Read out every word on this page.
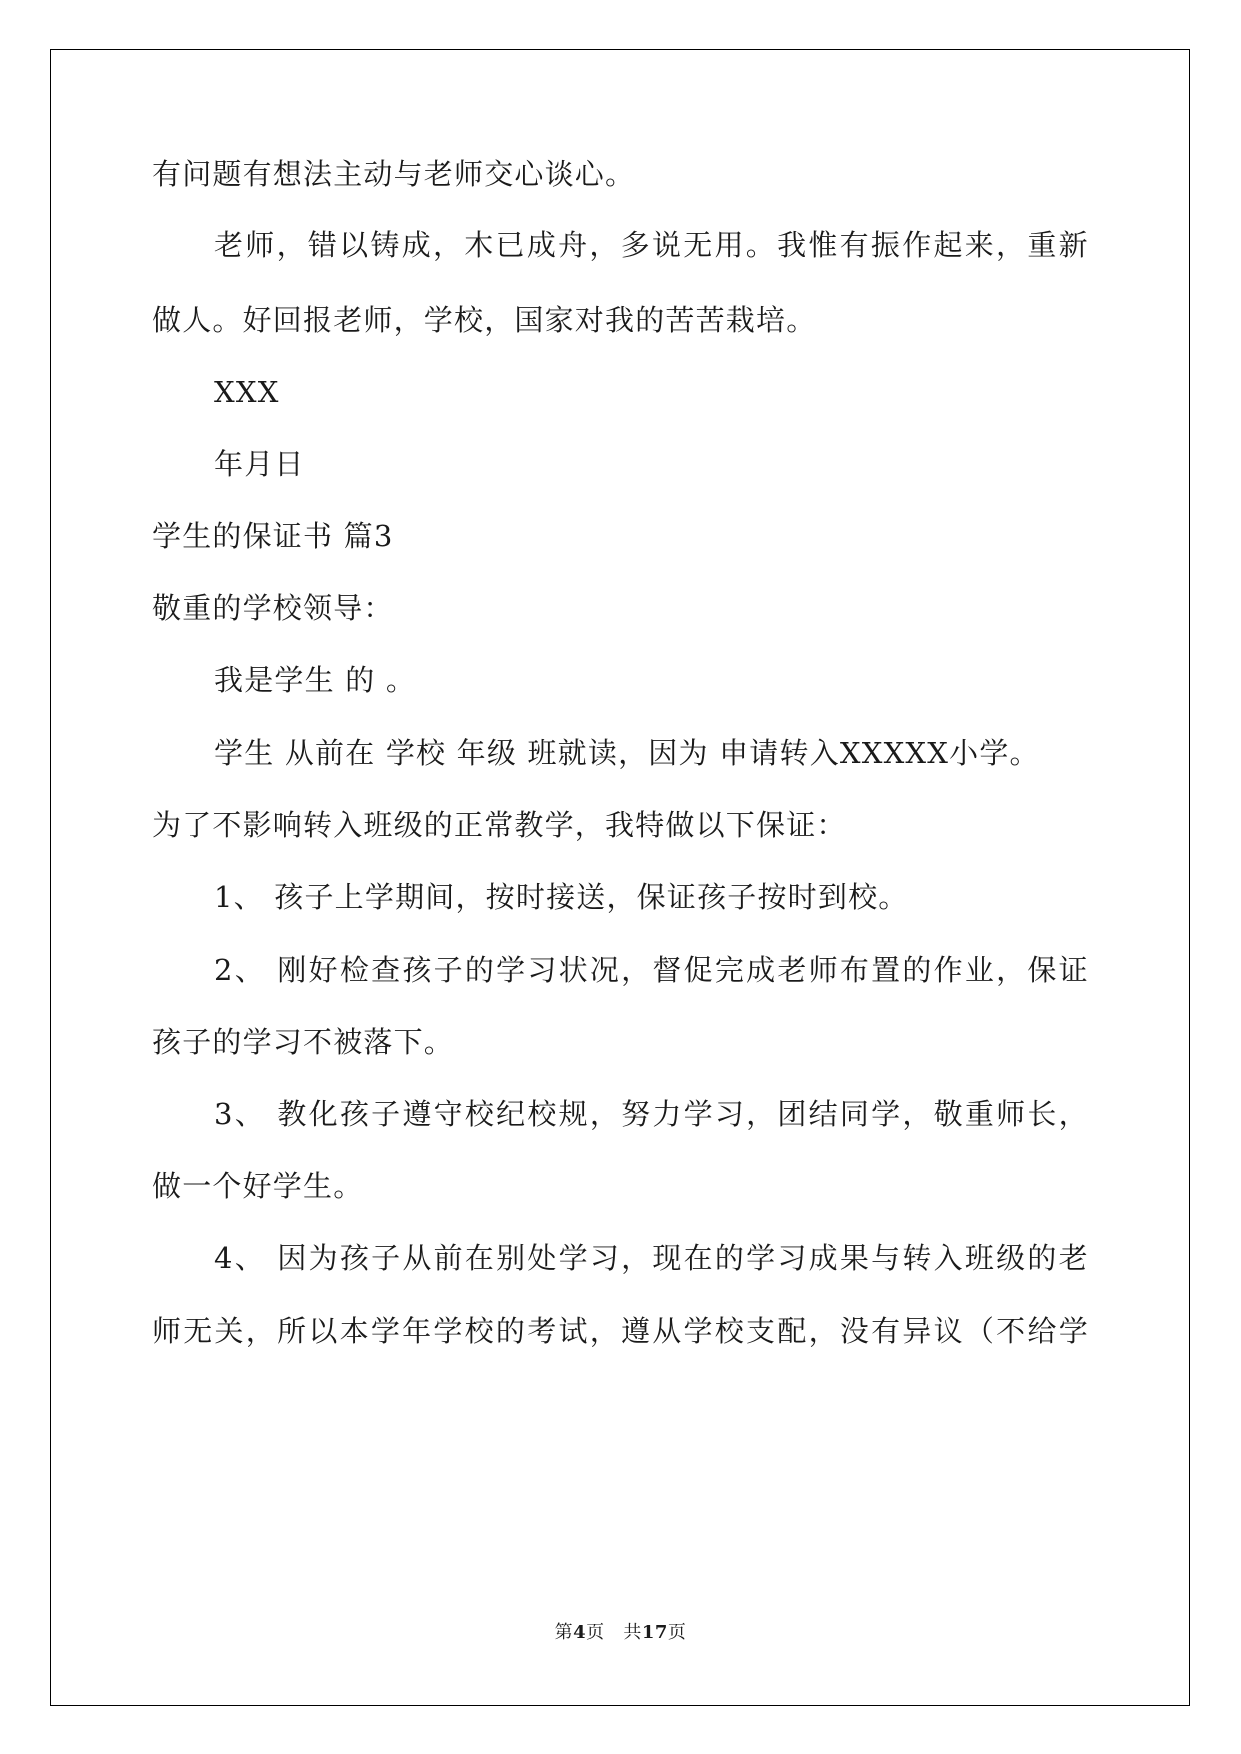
有问题有想法主动与老师交心谈心。
老 师 ， 错 以 铸 成 ， 木 已 成 舟 ， 多 说 无 用 。 我 惟 有 振 作 起 来 ， 重 新
做人。好回报老师，学校，国家对我的苦苦栽培。
XXX
年月日
学生的保证书 篇3
敬重的学校领导：
我是学生 的 。
学生 从前在 学校 年级 班就读，因为 申请转入XXXXX小学。
为了不影响转入班级的正常教学，我特做以下保证：
1、 孩子上学期间，按时接送，保证孩子按时到校。
2 、
刚 好 检 查 孩 子 的 学 习 状 况 ， 督 促 完 成 老 师 布 置 的 作 业 ， 保 证
孩子的学习不被落下。
3 、
教 化 孩 子 遵 守 校 纪 校 规 ， 努 力 学 习 ， 团 结 同 学 ， 敬 重 师 长 ，
做一个好学生。
4 、
因 为 孩 子 从 前 在 别 处 学 习 ， 现 在 的 学 习 成 果 与 转 入 班 级 的 老
师 无 关 ， 所 以 本 学 年 学 校 的 考 试 ， 遵 从 学 校 支 配 ， 没 有 异 议 （ 不 给 学
第4页 共17页
